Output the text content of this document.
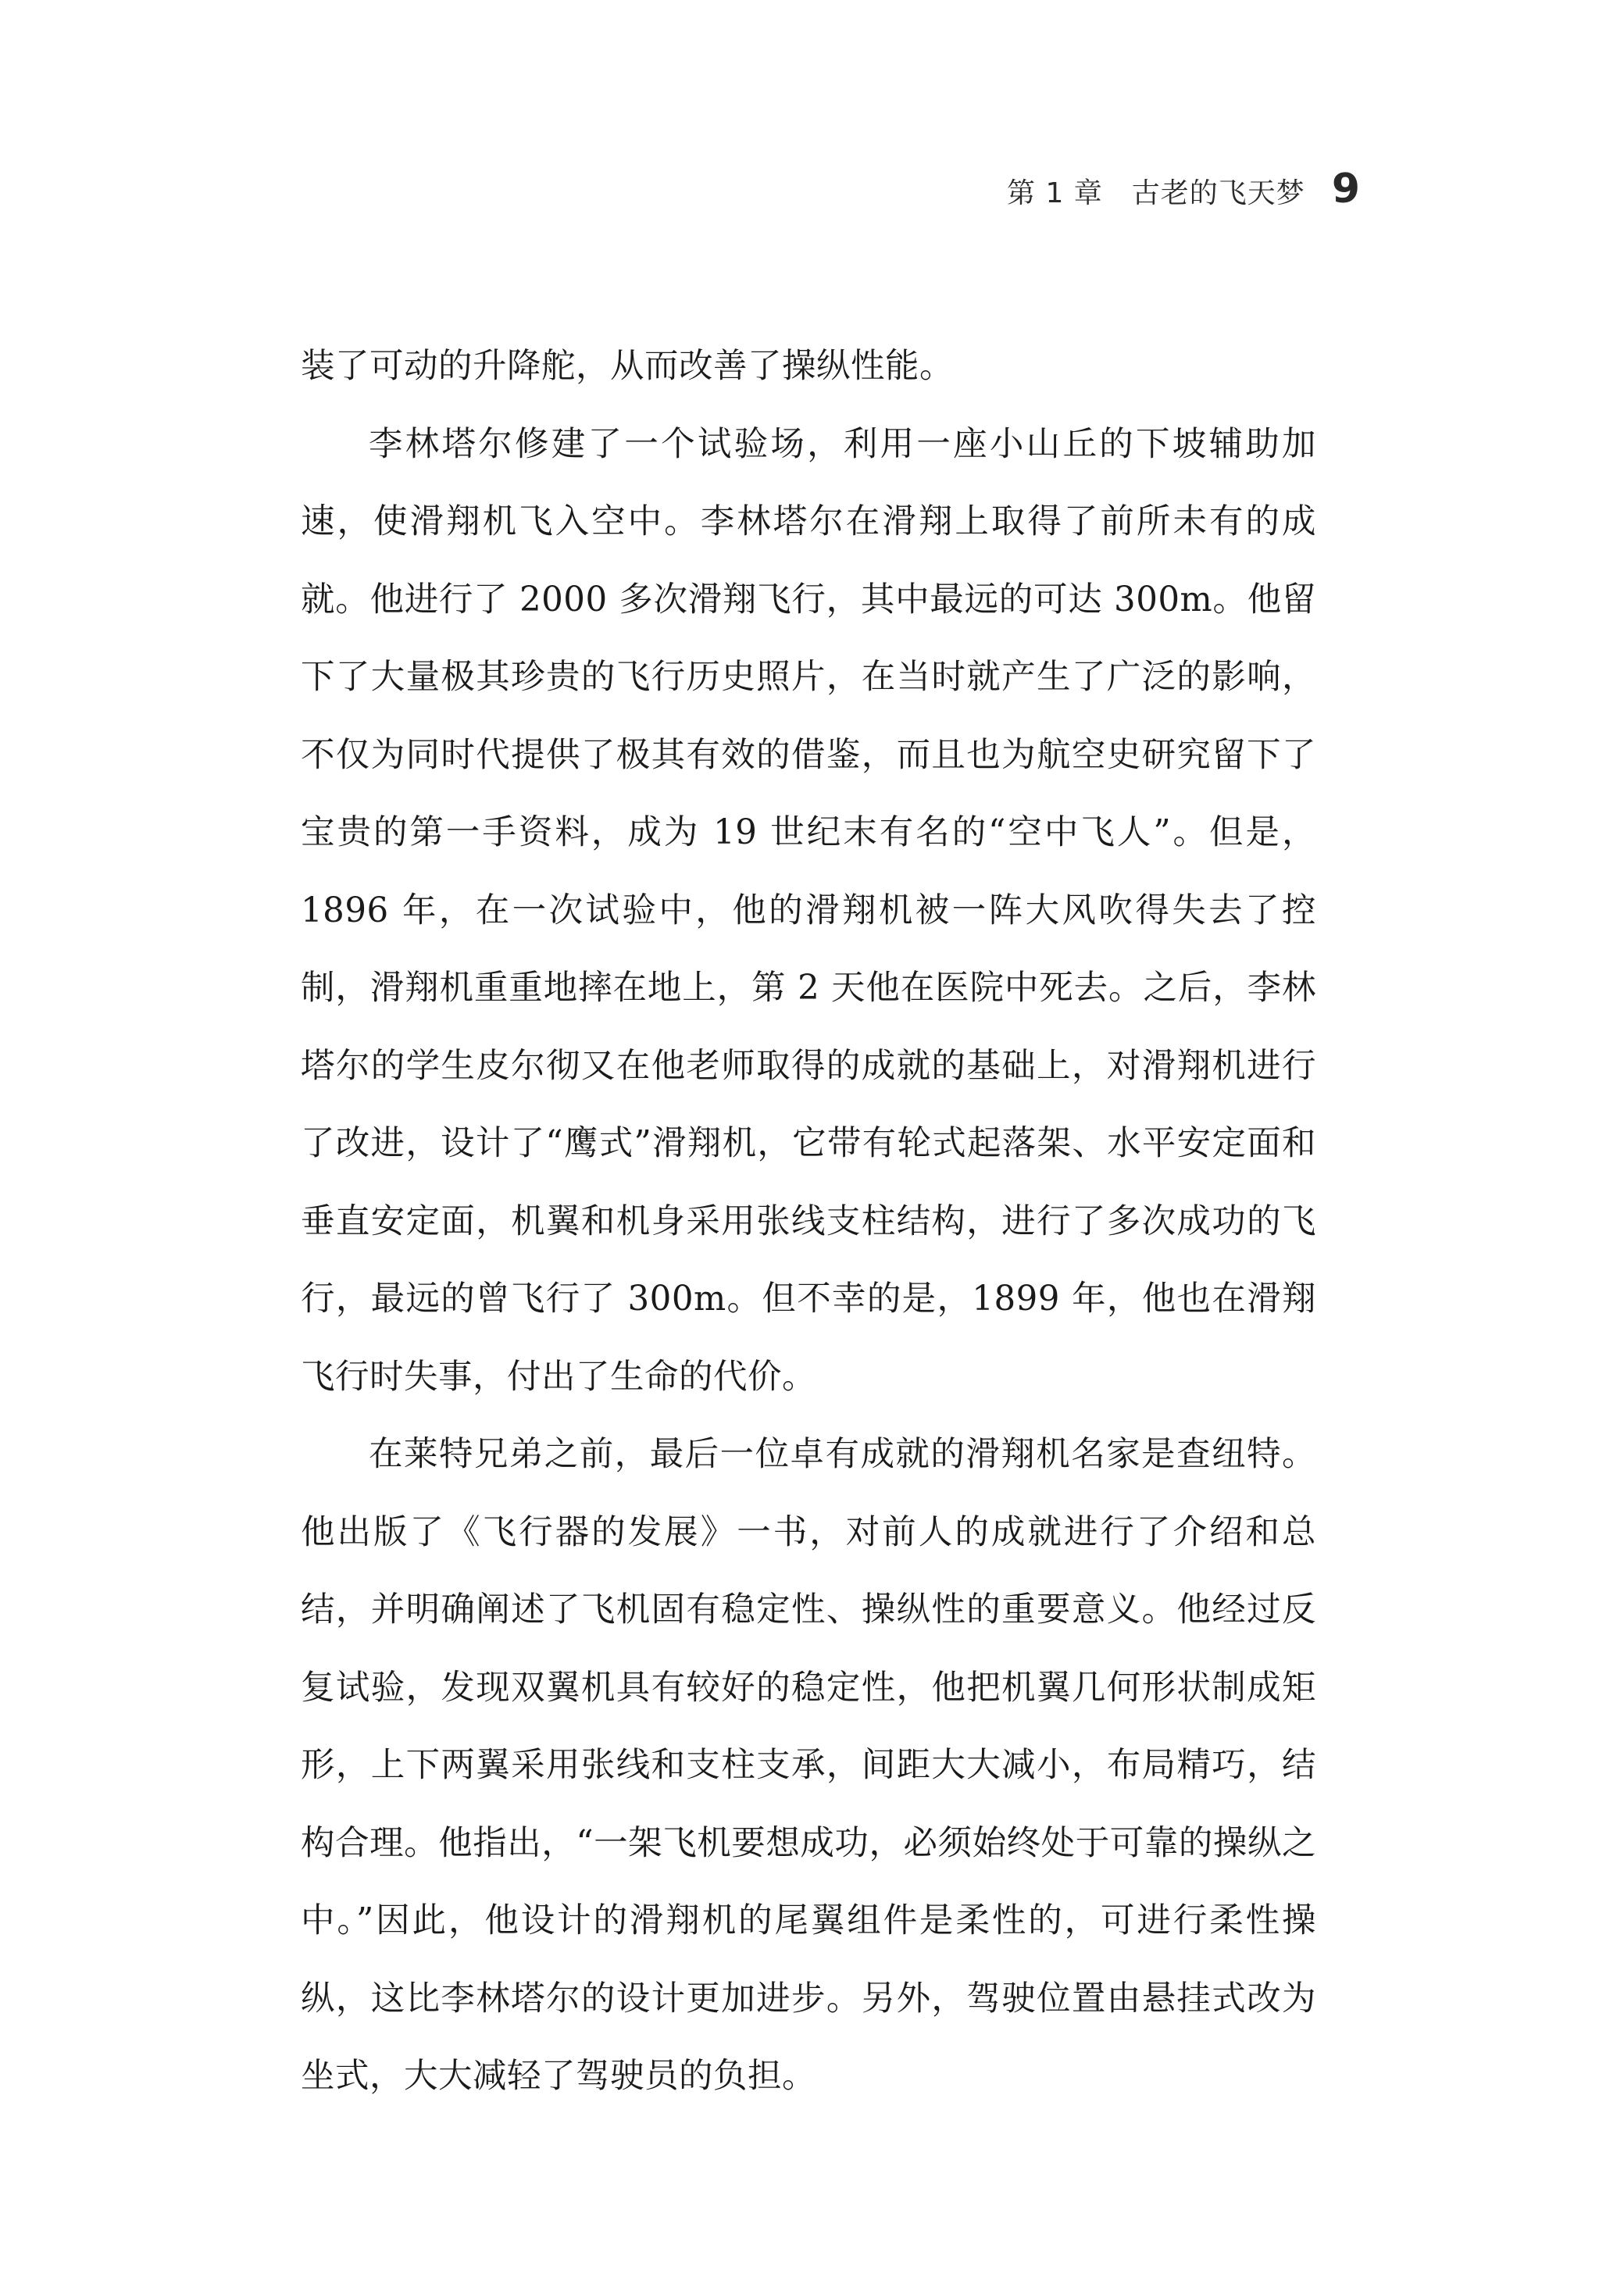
第 1 章　古老的飞天梦 9

装了可动的升降舵，从而改善了操纵性能。

李林塔尔修建了一个试验场，利用一座小山丘的下坡辅助加速，使滑翔机飞入空中。李林塔尔在滑翔上取得了前所未有的成就。他进行了 2000 多次滑翔飞行，其中最远的可达 300m。他留下了大量极其珍贵的飞行历史照片，在当时就产生了广泛的影响，不仅为同时代提供了极其有效的借鉴，而且也为航空史研究留下了宝贵的第一手资料，成为 19 世纪末有名的“空中飞人”。但是，1896 年，在一次试验中，他的滑翔机被一阵大风吹得失去了控制，滑翔机重重地摔在地上，第 2 天他在医院中死去。之后，李林塔尔的学生皮尔彻又在他老师取得的成就的基础上，对滑翔机进行了改进，设计了“鹰式”滑翔机，它带有轮式起落架、水平安定面和垂直安定面，机翼和机身采用张线支柱结构，进行了多次成功的飞行，最远的曾飞行了 300m。但不幸的是，1899 年，他也在滑翔飞行时失事，付出了生命的代价。

在莱特兄弟之前，最后一位卓有成就的滑翔机名家是查纽特。他出版了《飞行器的发展》一书，对前人的成就进行了介绍和总结，并明确阐述了飞机固有稳定性、操纵性的重要意义。他经过反复试验，发现双翼机具有较好的稳定性，他把机翼几何形状制成矩形，上下两翼采用张线和支柱支承，间距大大减小，布局精巧，结构合理。他指出，“一架飞机要想成功，必须始终处于可靠的操纵之中。”因此，他设计的滑翔机的尾翼组件是柔性的，可进行柔性操纵，这比李林塔尔的设计更加进步。另外，驾驶位置由悬挂式改为坐式，大大减轻了驾驶员的负担。
